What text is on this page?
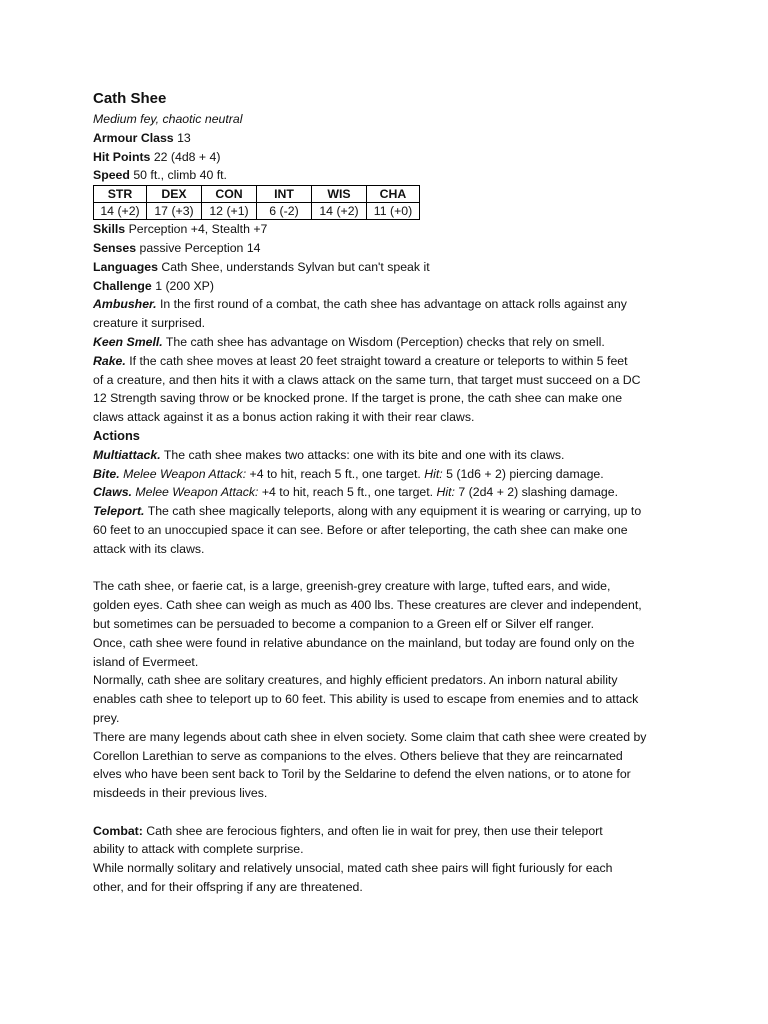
Cath Shee
Medium fey, chaotic neutral
Armour Class 13
Hit Points 22 (4d8 + 4)
Speed 50 ft., climb 40 ft.
STR	DEX	CON	INT	WIS	CHA
14 (+2)	17 (+3)	12 (+1)	6 (-2)	14 (+2)	11 (+0)
Skills Perception +4, Stealth +7
Senses passive Perception 14
Languages Cath Shee, understands Sylvan but can't speak it
Challenge 1 (200 XP)
Ambusher. In the first round of a combat, the cath shee has advantage on attack rolls against any
creature it surprised.
Keen Smell. The cath shee has advantage on Wisdom (Perception) checks that rely on smell.
Rake. If the cath shee moves at least 20 feet straight toward a creature or teleports to within 5 feet
of a creature, and then hits it with a claws attack on the same turn, that target must succeed on a DC
12 Strength saving throw or be knocked prone. If the target is prone, the cath shee can make one
claws attack against it as a bonus action raking it with their rear claws.
Actions
Multiattack. The cath shee makes two attacks: one with its bite and one with its claws.
Bite. Melee Weapon Attack: +4 to hit, reach 5 ft., one target. Hit: 5 (1d6 + 2) piercing damage.
Claws. Melee Weapon Attack: +4 to hit, reach 5 ft., one target. Hit: 7 (2d4 + 2) slashing damage.
Teleport. The cath shee magically teleports, along with any equipment it is wearing or carrying, up to
60 feet to an unoccupied space it can see. Before or after teleporting, the cath shee can make one
attack with its claws.
The cath shee, or faerie cat, is a large, greenish-grey creature with large, tufted ears, and wide,
golden eyes. Cath shee can weigh as much as 400 lbs. These creatures are clever and independent,
but sometimes can be persuaded to become a companion to a Green elf or Silver elf ranger.
Once, cath shee were found in relative abundance on the mainland, but today are found only on the
island of Evermeet.
Normally, cath shee are solitary creatures, and highly efficient predators. An inborn natural ability
enables cath shee to teleport up to 60 feet. This ability is used to escape from enemies and to attack
prey.
There are many legends about cath shee in elven society. Some claim that cath shee were created by
Corellon Larethian to serve as companions to the elves. Others believe that they are reincarnated
elves who have been sent back to Toril by the Seldarine to defend the elven nations, or to atone for
misdeeds in their previous lives.
Combat: Cath shee are ferocious fighters, and often lie in wait for prey, then use their teleport
ability to attack with complete surprise.
While normally solitary and relatively unsocial, mated cath shee pairs will fight furiously for each
other, and for their offspring if any are threatened.
